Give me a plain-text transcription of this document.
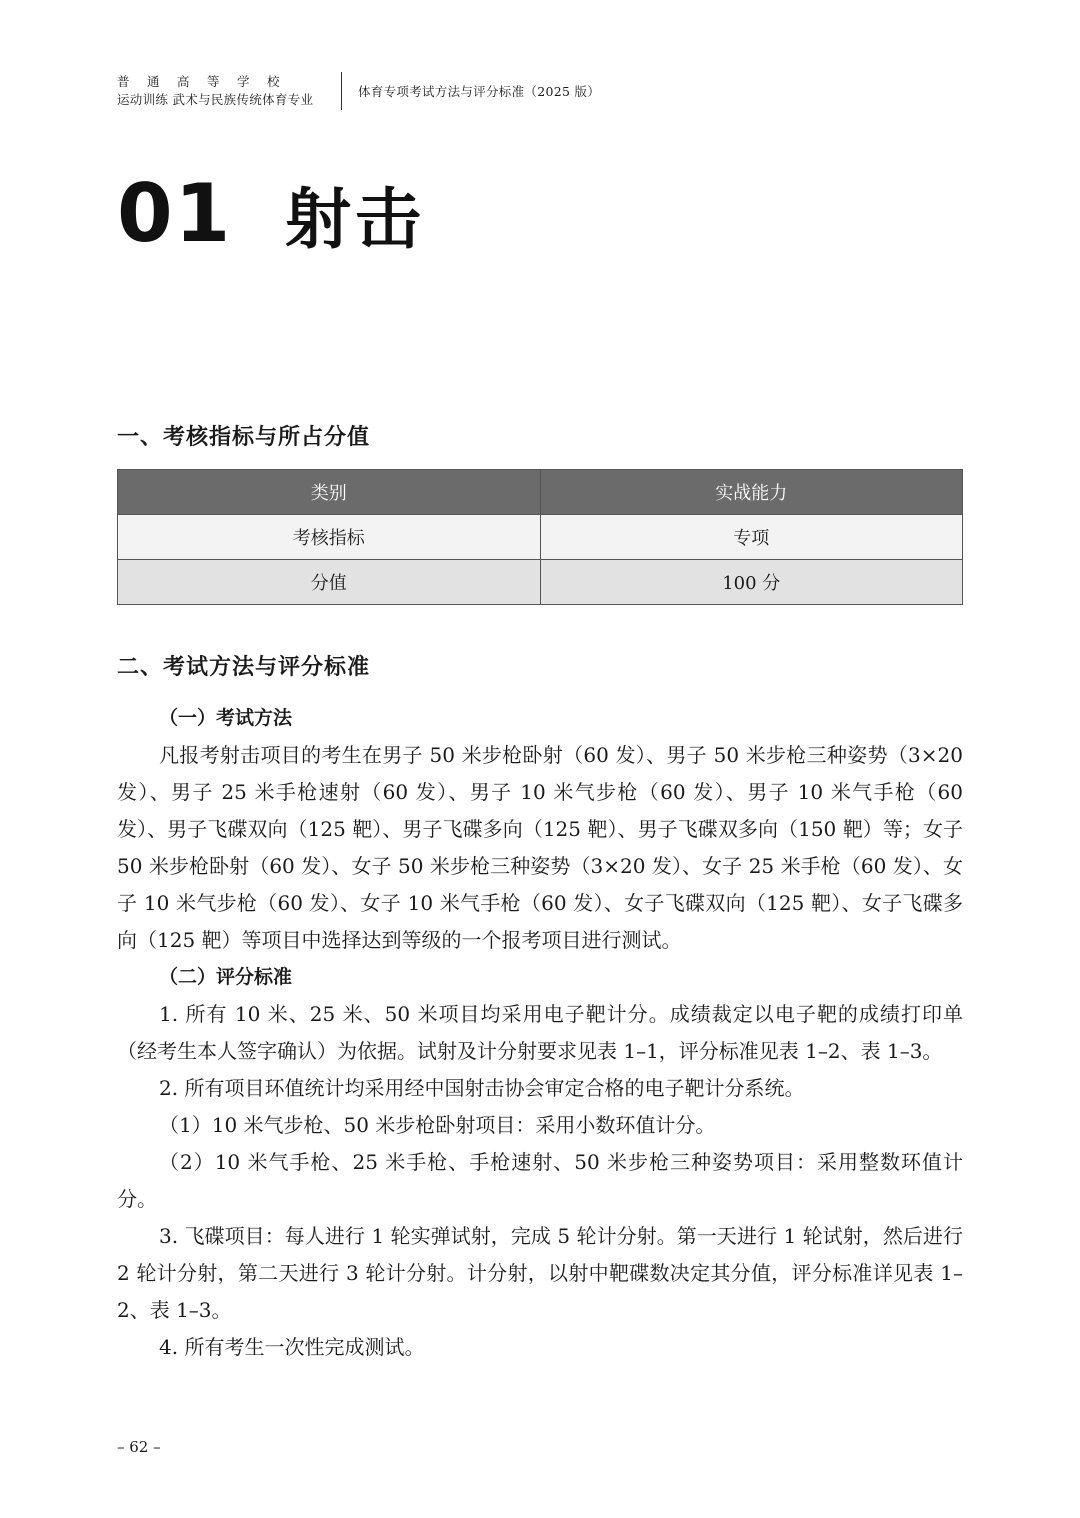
普通高等学校
运动训练 武术与民族传统体育专业
体育专项考试方法与评分标准（2025 版）
01 射击
一、考核指标与所占分值
类别	实战能力
考核指标	专项
分值	100 分
二、考试方法与评分标准

（一）考试方法

凡报考射击项目的考生在男子 50 米步枪卧射（60 发）、男子 50 米步枪三种姿势（3×20 发）、男子 25 米手枪速射（60 发）、男子 10 米气步枪（60 发）、男子 10 米气手枪（60 发）、男子飞碟双向（125 靶）、男子飞碟多向（125 靶）、男子飞碟双多向（150 靶）等；女子 50 米步枪卧射（60 发）、女子 50 米步枪三种姿势（3×20 发）、女子 25 米手枪（60 发）、女子 10 米气步枪（60 发）、女子 10 米气手枪（60 发）、女子飞碟双向（125 靶）、女子飞碟多向（125 靶）等项目中选择达到等级的一个报考项目进行测试。

（二）评分标准

1. 所有 10 米、25 米、50 米项目均采用电子靶计分。成绩裁定以电子靶的成绩打印单（经考生本人签字确认）为依据。试射及计分射要求见表 1–1，评分标准见表 1–2、表 1–3。

2. 所有项目环值统计均采用经中国射击协会审定合格的电子靶计分系统。

（1）10 米气步枪、50 米步枪卧射项目：采用小数环值计分。

（2）10 米气手枪、25 米手枪、手枪速射、50 米步枪三种姿势项目：采用整数环值计分。

3. 飞碟项目：每人进行 1 轮实弹试射，完成 5 轮计分射。第一天进行 1 轮试射，然后进行 2 轮计分射，第二天进行 3 轮计分射。计分射，以射中靶碟数决定其分值，评分标准详见表 1–2、表 1–3。

4. 所有考生一次性完成测试。

– 62 –
